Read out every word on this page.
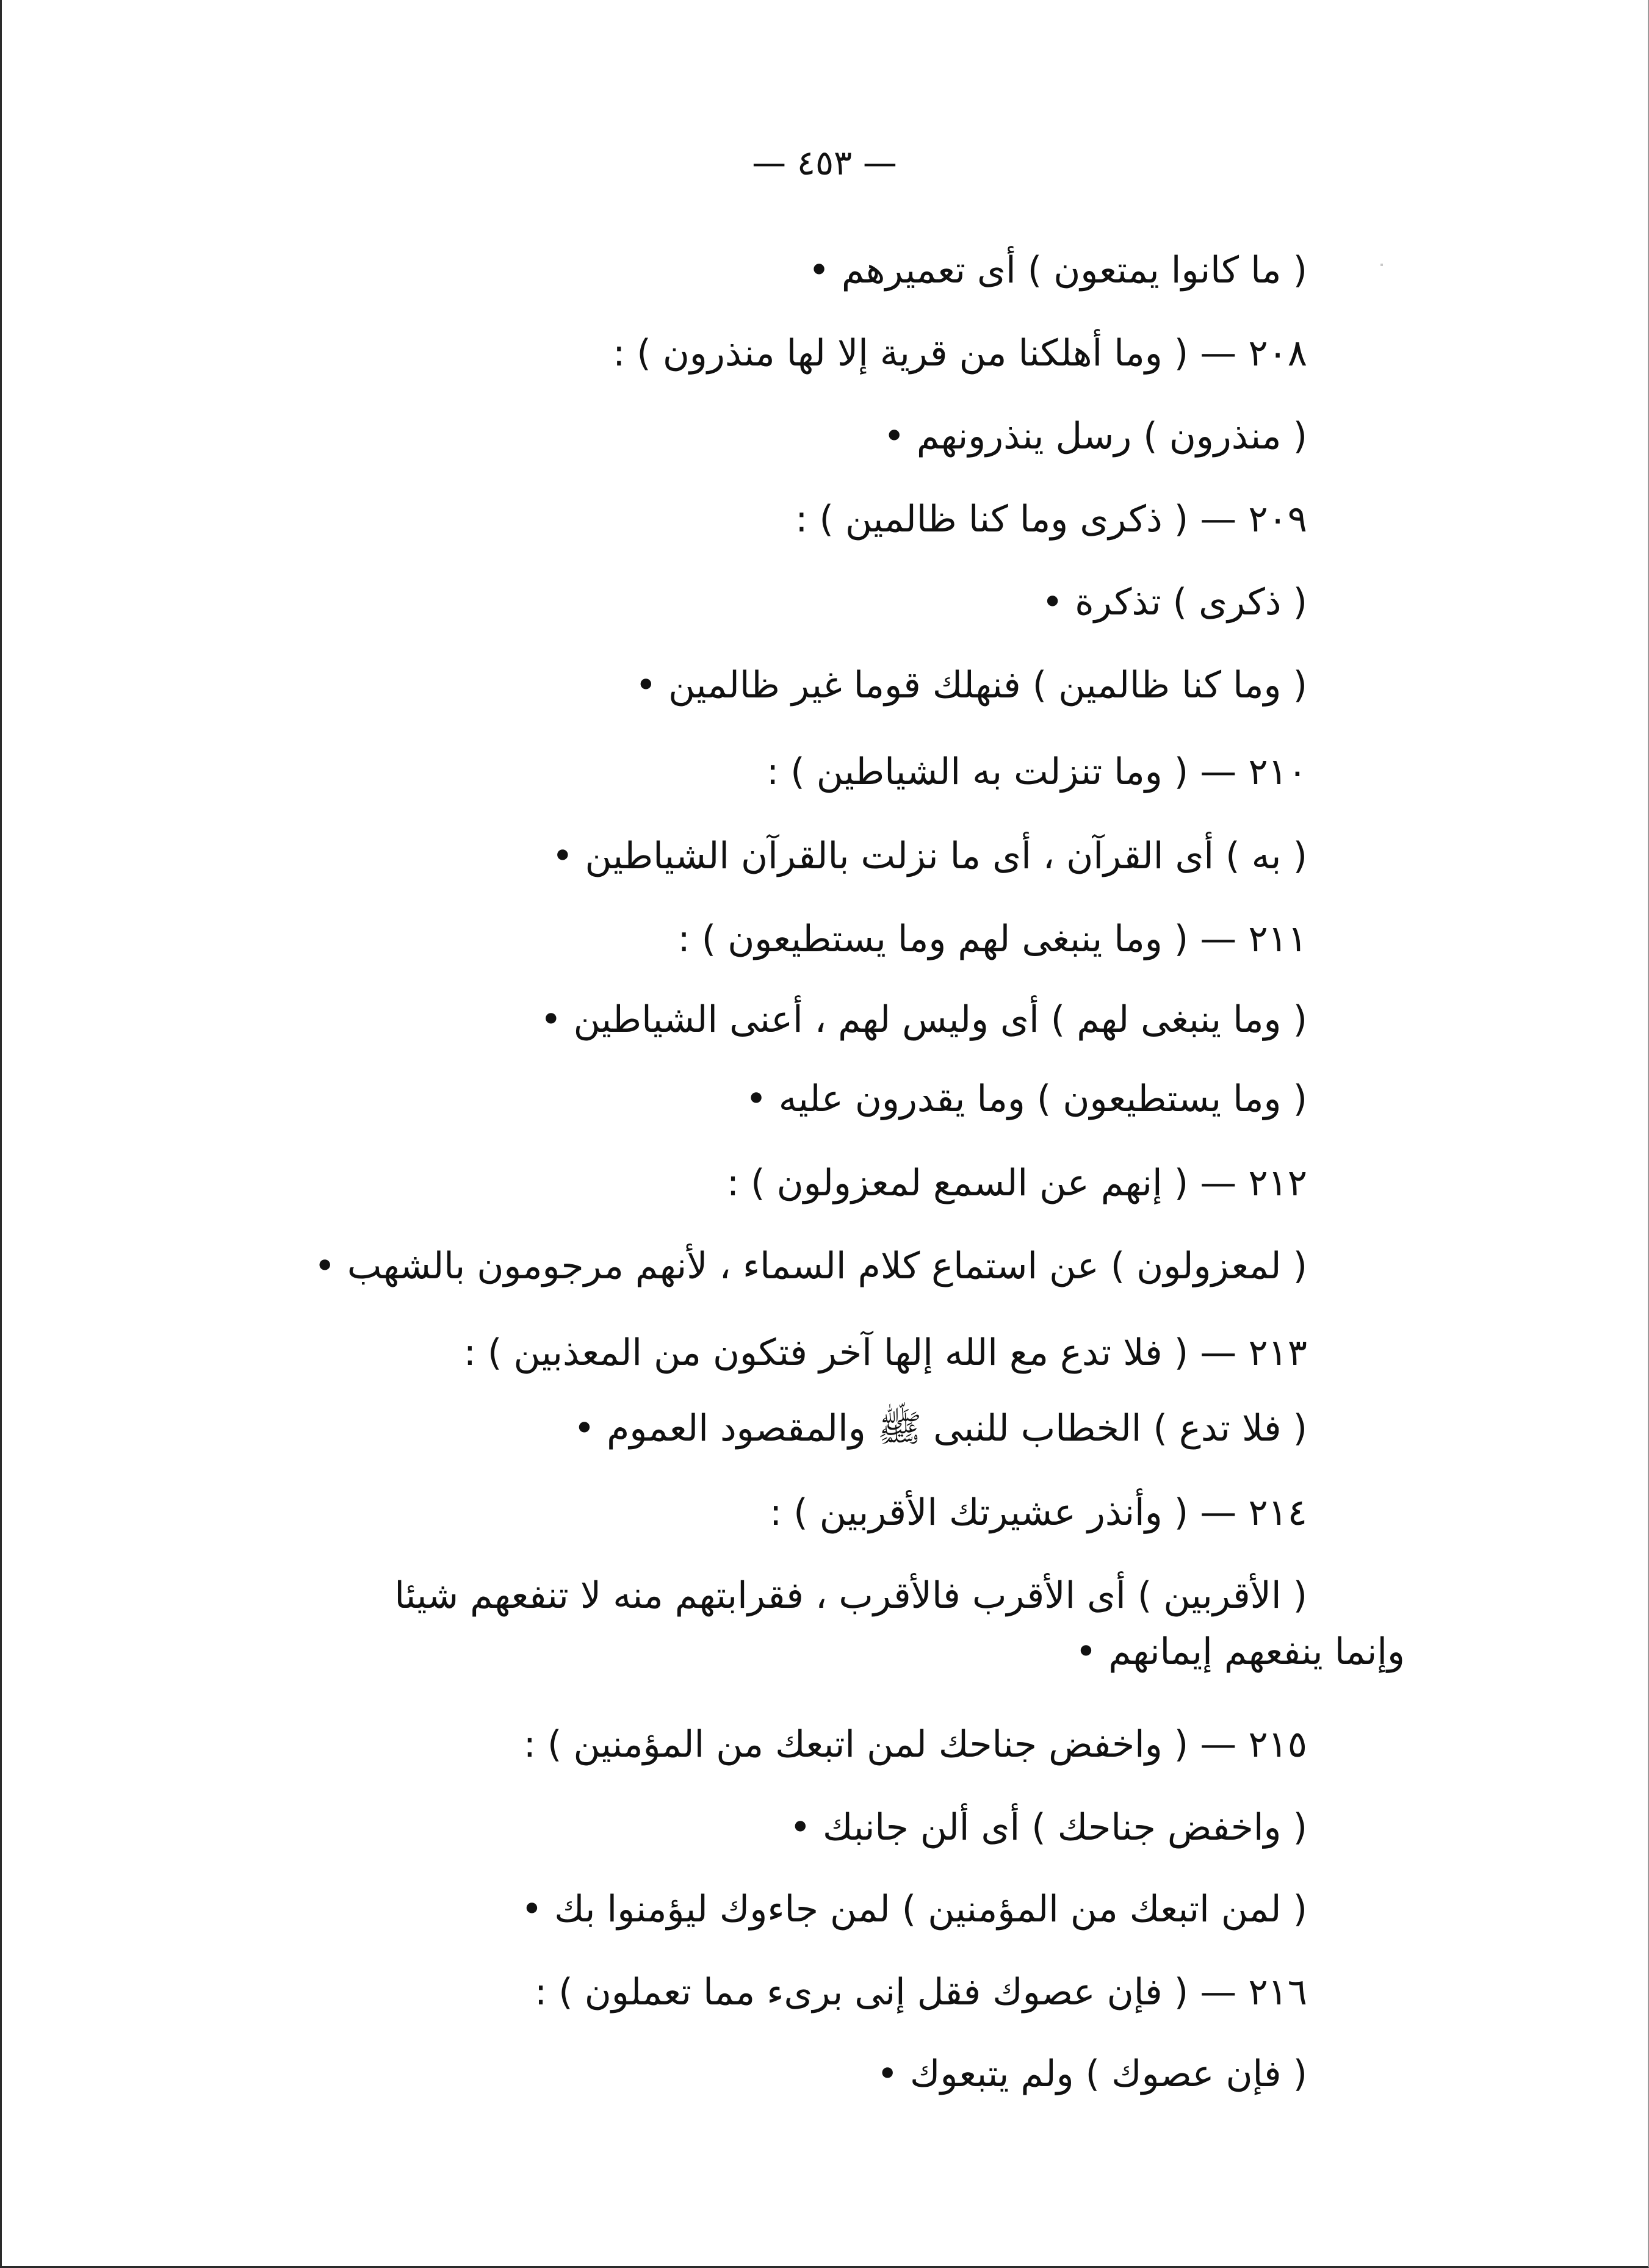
— ٤٥٣ —
( ما كانوا يمتعون ) أى تعميرهم •
٢٠٨ — ( وما أهلكنا من قرية إلا لها منذرون ) :
( منذرون ) رسل ينذرونهم •
٢٠٩ — ( ذكرى وما كنا ظالمين ) :
( ذكرى ) تذكرة •
( وما كنا ظالمين ) فنهلك قوما غير ظالمين •
٢١٠ — ( وما تنزلت به الشياطين ) :
( به ) أى القرآن ، أى ما نزلت بالقرآن الشياطين •
٢١١ — ( وما ينبغى لهم وما يستطيعون ) :
( وما ينبغى لهم ) أى وليس لهم ، أعنى الشياطين •
( وما يستطيعون ) وما يقدرون عليه •
٢١٢ — ( إنهم عن السمع لمعزولون ) :
( لمعزولون ) عن استماع كلام السماء ، لأنهم مرجومون بالشهب •
٢١٣ — ( فلا تدع مع الله إلها آخر فتكون من المعذبين ) :
( فلا تدع ) الخطاب للنبى ﷺ والمقصود العموم •
٢١٤ — ( وأنذر عشيرتك الأقربين ) :
( الأقربين ) أى الأقرب فالأقرب ، فقرابتهم منه لا تنفعهم شيئا
وإنما ينفعهم إيمانهم •
٢١٥ — ( واخفض جناحك لمن اتبعك من المؤمنين ) :
( واخفض جناحك ) أى ألن جانبك •
( لمن اتبعك من المؤمنين ) لمن جاءوك ليؤمنوا بك •
٢١٦ — ( فإن عصوك فقل إنى برىء مما تعملون ) :
( فإن عصوك ) ولم يتبعوك •
